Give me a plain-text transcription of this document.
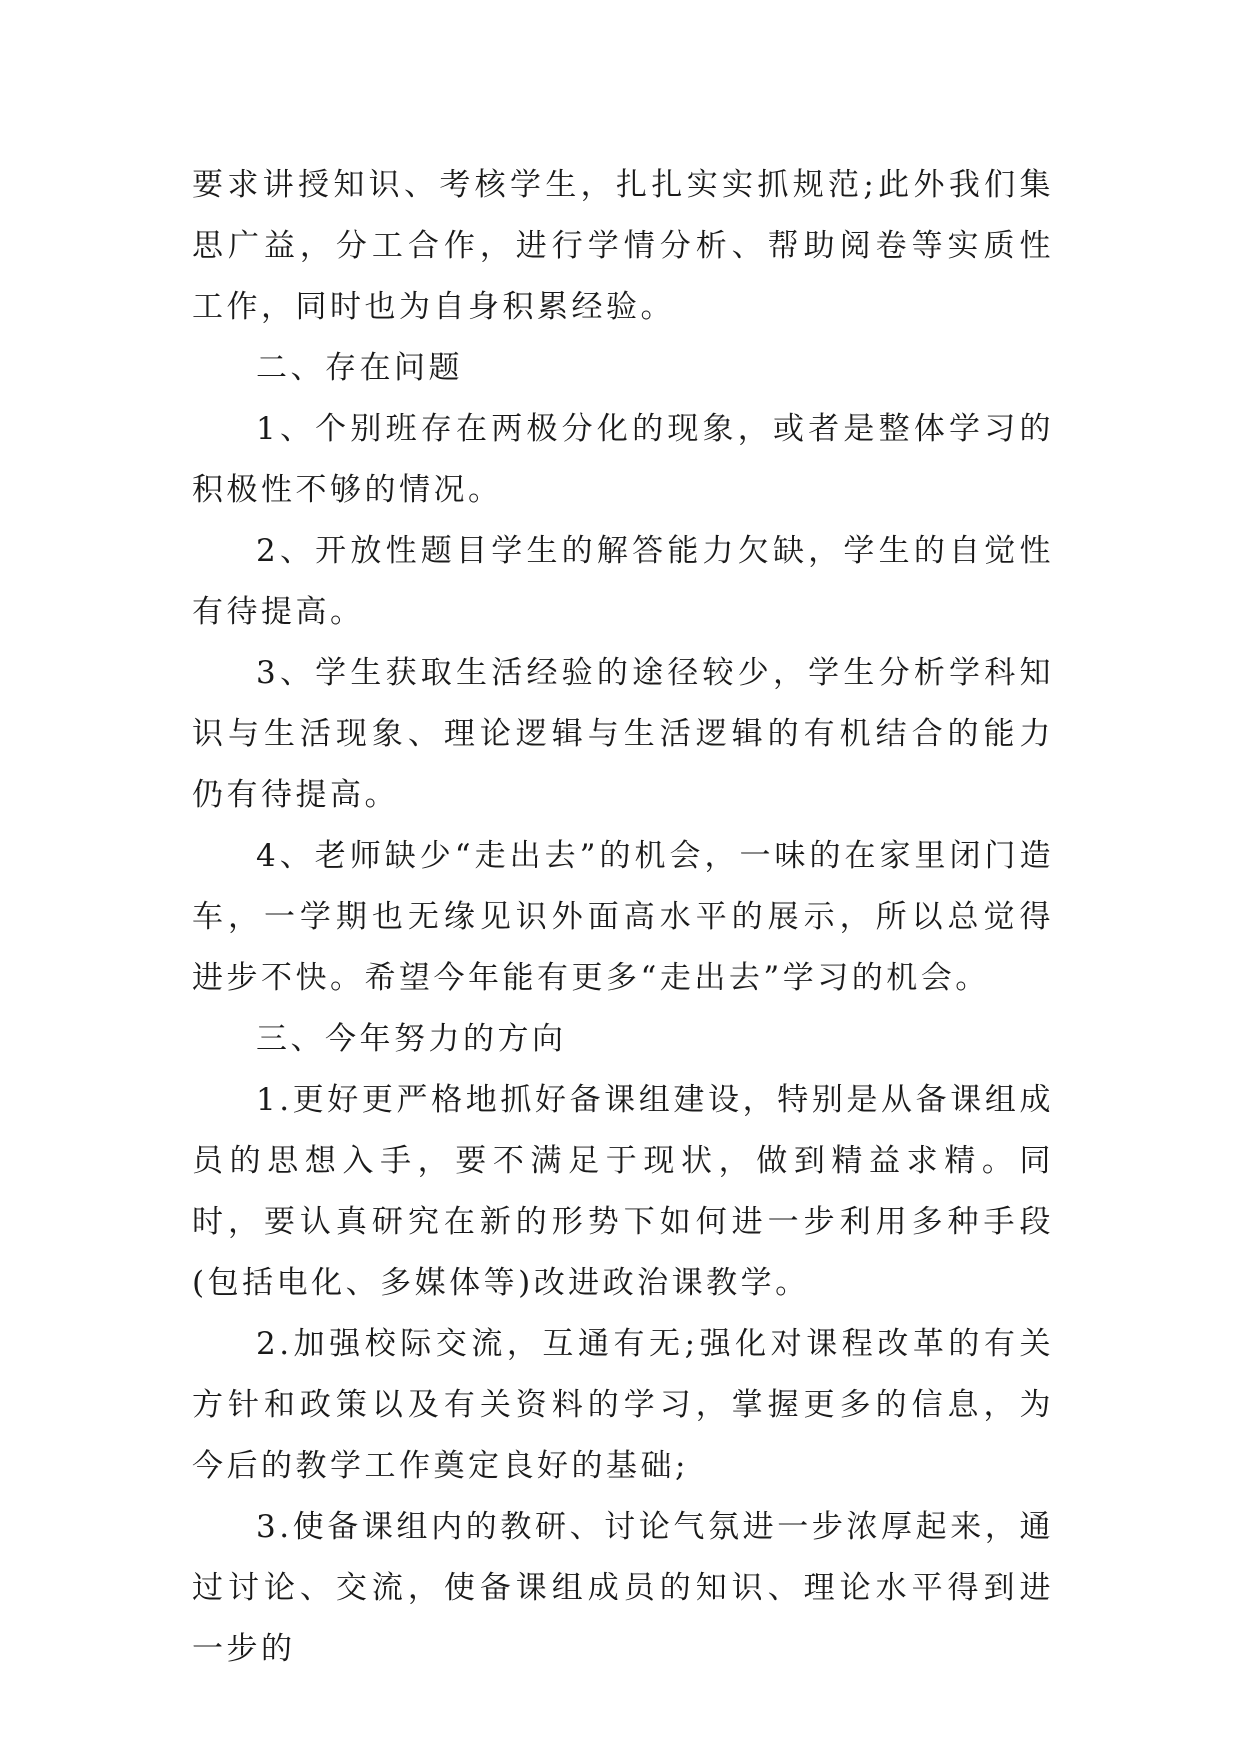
要求讲授知识、考核学生，扎扎实实抓规范;此外我们集思广益，分工合作，进行学情分析、帮助阅卷等实质性工作，同时也为自身积累经验。

二、存在问题

1、个别班存在两极分化的现象，或者是整体学习的积极性不够的情况。

2、开放性题目学生的解答能力欠缺，学生的自觉性有待提高。

3、学生获取生活经验的途径较少，学生分析学科知识与生活现象、理论逻辑与生活逻辑的有机结合的能力仍有待提高。

4、老师缺少“走出去”的机会，一味的在家里闭门造车，一学期也无缘见识外面高水平的展示，所以总觉得进步不快。希望今年能有更多“走出去”学习的机会。

三、今年努力的方向

1.更好更严格地抓好备课组建设，特别是从备课组成员的思想入手，要不满足于现状，做到精益求精。同时，要认真研究在新的形势下如何进一步利用多种手段(包括电化、多媒体等)改进政治课教学。

2.加强校际交流，互通有无;强化对课程改革的有关方针和政策以及有关资料的学习，掌握更多的信息，为今后的教学工作奠定良好的基础;

3.使备课组内的教研、讨论气氛进一步浓厚起来，通过讨论、交流，使备课组成员的知识、理论水平得到进一步的
